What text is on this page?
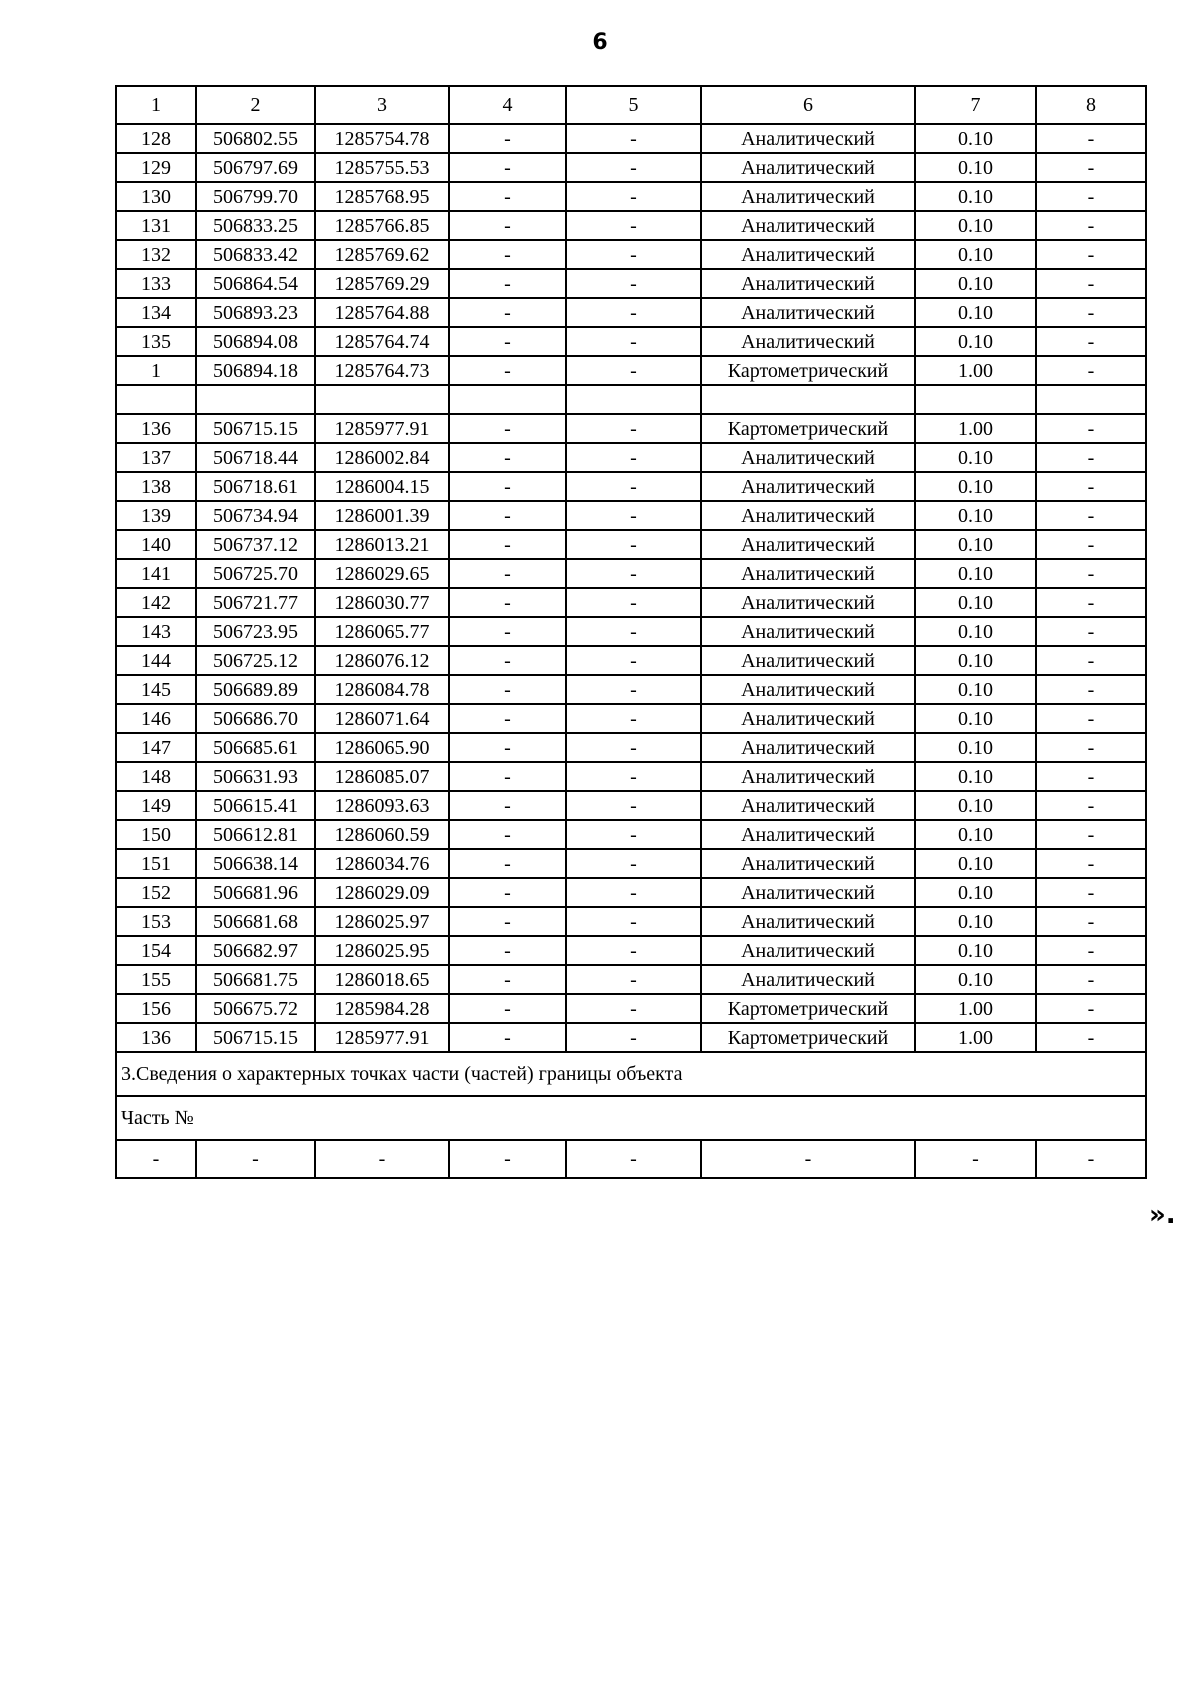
6
1	2	3	4	5	6	7	8
128	506802.55	1285754.78	-	-	Аналитический	0.10	-
129	506797.69	1285755.53	-	-	Аналитический	0.10	-
130	506799.70	1285768.95	-	-	Аналитический	0.10	-
131	506833.25	1285766.85	-	-	Аналитический	0.10	-
132	506833.42	1285769.62	-	-	Аналитический	0.10	-
133	506864.54	1285769.29	-	-	Аналитический	0.10	-
134	506893.23	1285764.88	-	-	Аналитический	0.10	-
135	506894.08	1285764.74	-	-	Аналитический	0.10	-
1	506894.18	1285764.73	-	-	Картометрический	1.00	-

136	506715.15	1285977.91	-	-	Картометрический	1.00	-
137	506718.44	1286002.84	-	-	Аналитический	0.10	-
138	506718.61	1286004.15	-	-	Аналитический	0.10	-
139	506734.94	1286001.39	-	-	Аналитический	0.10	-
140	506737.12	1286013.21	-	-	Аналитический	0.10	-
141	506725.70	1286029.65	-	-	Аналитический	0.10	-
142	506721.77	1286030.77	-	-	Аналитический	0.10	-
143	506723.95	1286065.77	-	-	Аналитический	0.10	-
144	506725.12	1286076.12	-	-	Аналитический	0.10	-
145	506689.89	1286084.78	-	-	Аналитический	0.10	-
146	506686.70	1286071.64	-	-	Аналитический	0.10	-
147	506685.61	1286065.90	-	-	Аналитический	0.10	-
148	506631.93	1286085.07	-	-	Аналитический	0.10	-
149	506615.41	1286093.63	-	-	Аналитический	0.10	-
150	506612.81	1286060.59	-	-	Аналитический	0.10	-
151	506638.14	1286034.76	-	-	Аналитический	0.10	-
152	506681.96	1286029.09	-	-	Аналитический	0.10	-
153	506681.68	1286025.97	-	-	Аналитический	0.10	-
154	506682.97	1286025.95	-	-	Аналитический	0.10	-
155	506681.75	1286018.65	-	-	Аналитический	0.10	-
156	506675.72	1285984.28	-	-	Картометрический	1.00	-
136	506715.15	1285977.91	-	-	Картометрический	1.00	-
3.Сведения о характерных точках части (частей) границы объекта							
Часть №							
-	-	-	-	-	-	-	-
».
